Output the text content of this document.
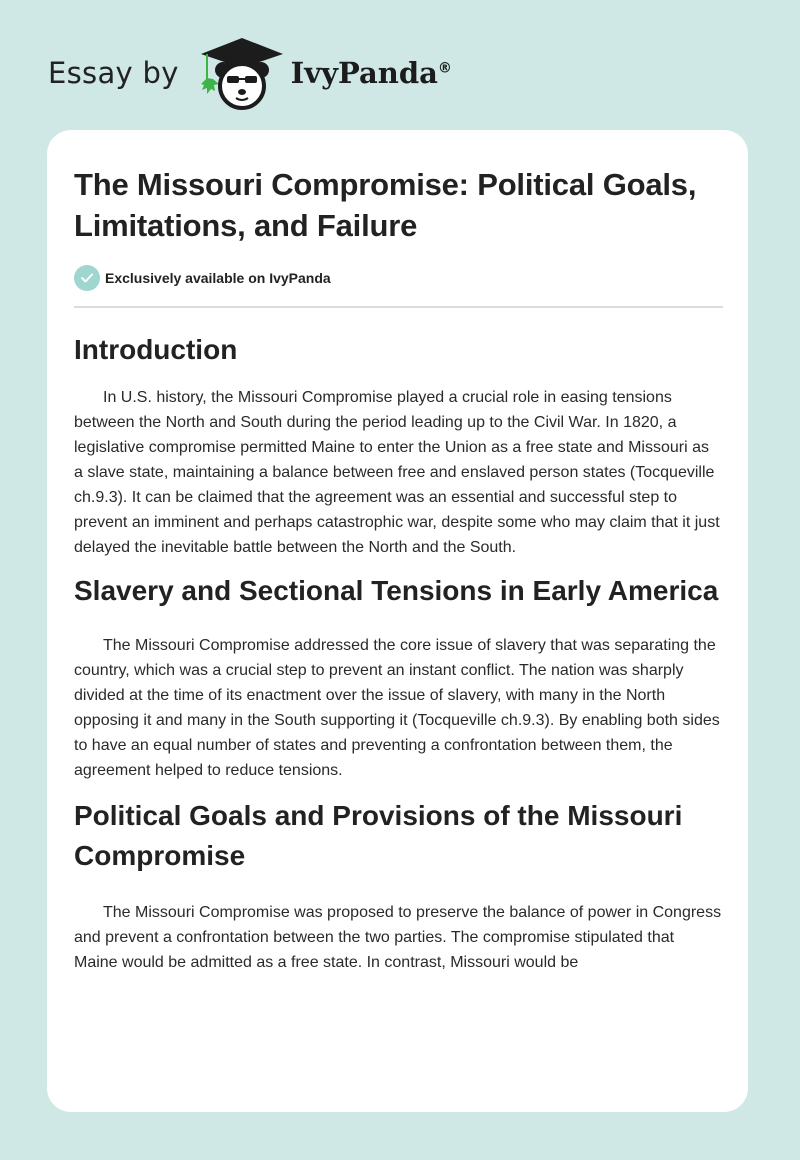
Essay by	IvyPanda®
The Missouri Compromise: Political Goals, Limitations, and Failure
Exclusively available on IvyPanda
Introduction

In U.S. history, the Missouri Compromise played a crucial role in easing tensions between the North and South during the period leading up to the Civil War. In 1820, a legislative compromise permitted Maine to enter the Union as a free state and Missouri as a slave state, maintaining a balance between free and enslaved person states (Tocqueville ch.9.3). It can be claimed that the agreement was an essential and successful step to prevent an imminent and perhaps catastrophic war, despite some who may claim that it just delayed the inevitable battle between the North and the South.

Slavery and Sectional Tensions in Early America

The Missouri Compromise addressed the core issue of slavery that was separating the country, which was a crucial step to prevent an instant conflict. The nation was sharply divided at the time of its enactment over the issue of slavery, with many in the North opposing it and many in the South supporting it (Tocqueville ch.9.3). By enabling both sides to have an equal number of states and preventing a confrontation between them, the agreement helped to reduce tensions.

Political Goals and Provisions of the Missouri Compromise

The Missouri Compromise was proposed to preserve the balance of power in Congress and prevent a confrontation between the two parties. The compromise stipulated that Maine would be admitted as a free state. In contrast, Missouri would be
